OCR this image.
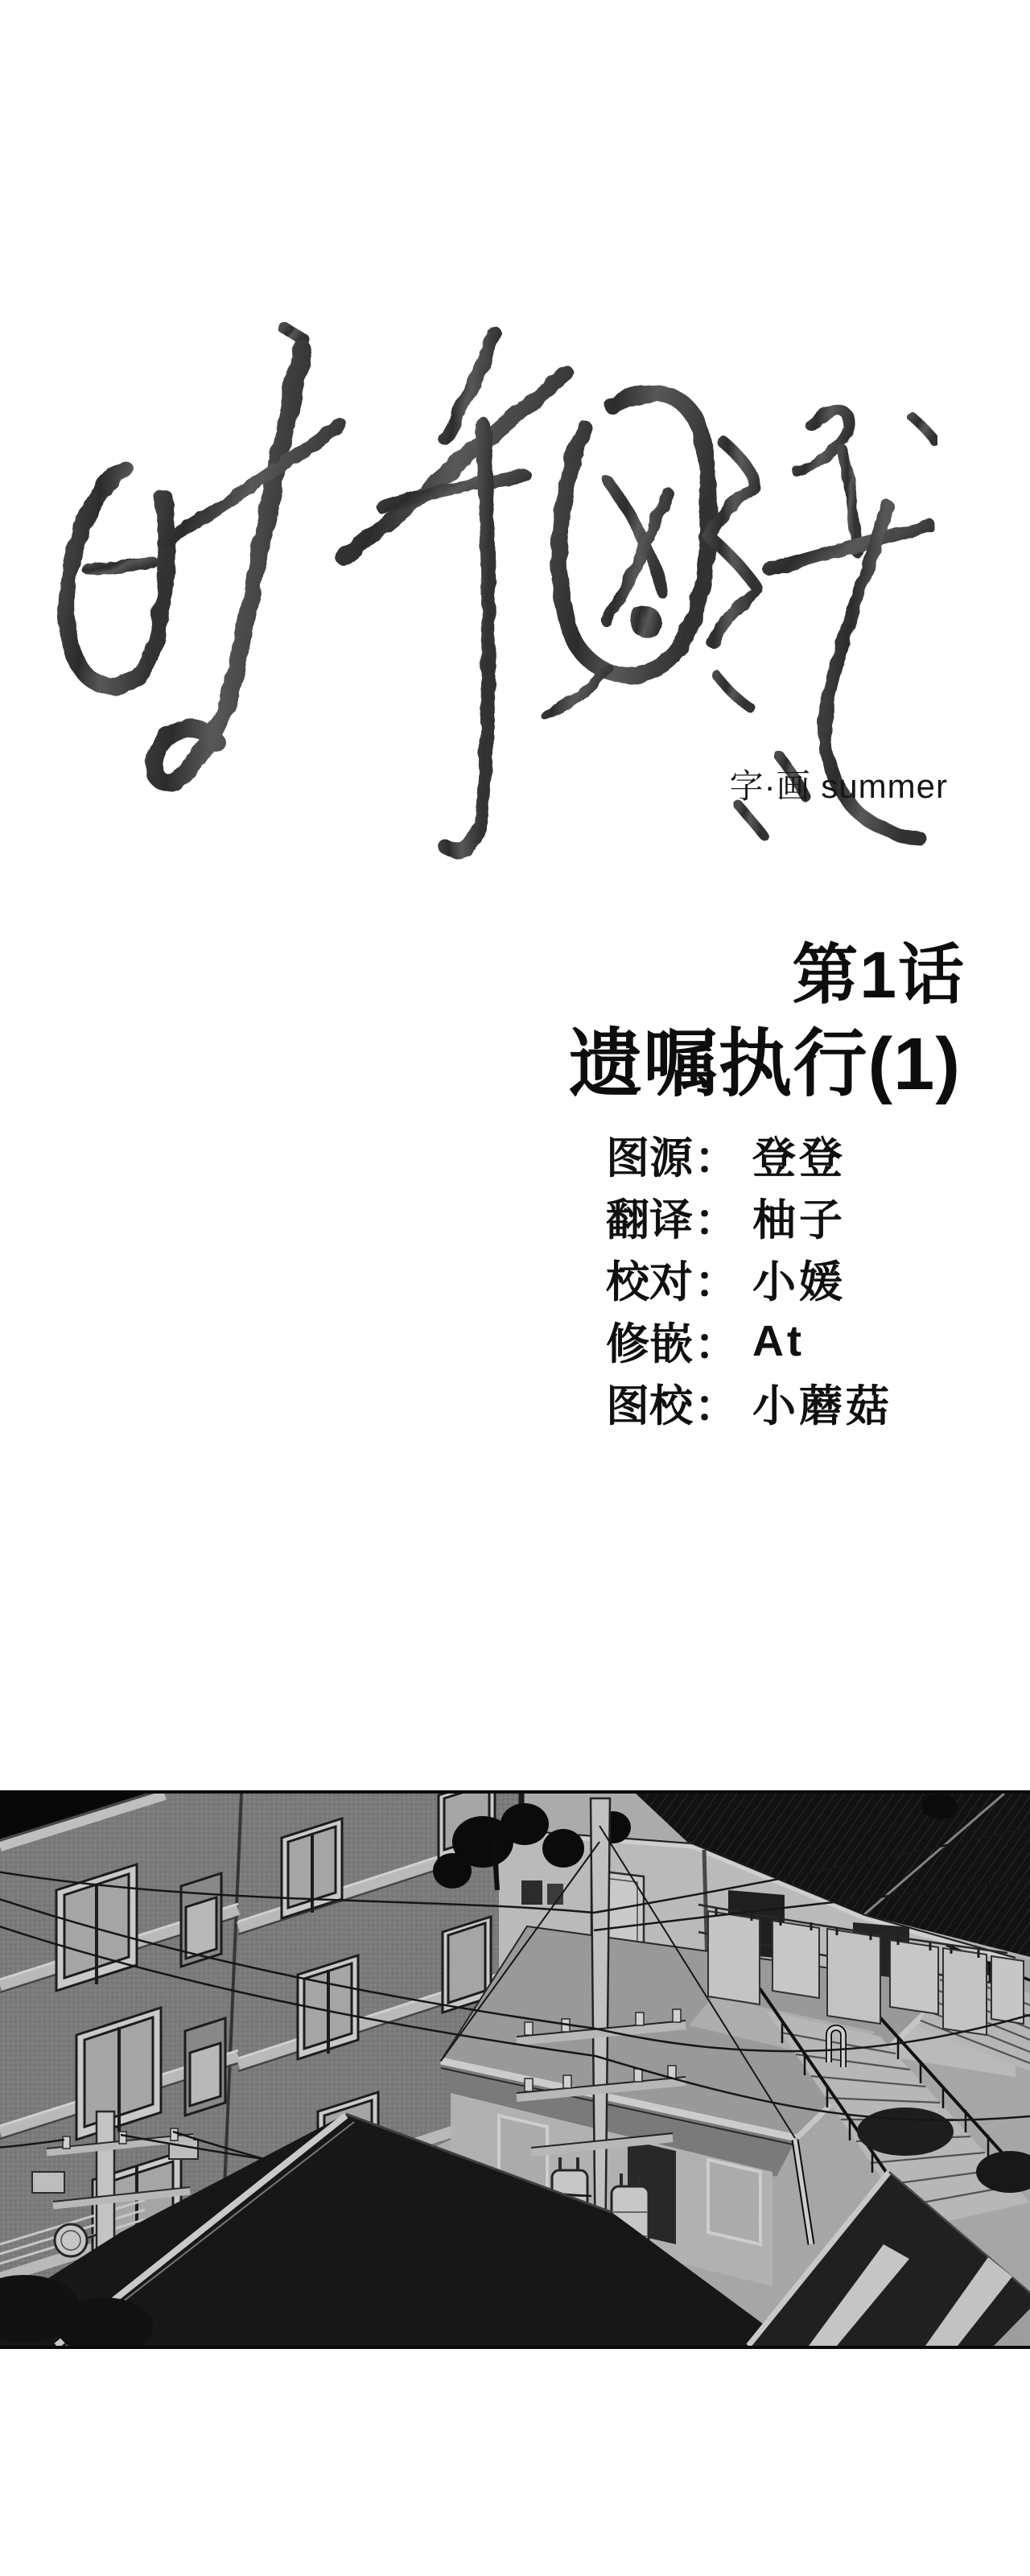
字·画 summer
第1话
遗嘱执行(1)
图源 ： 登登
翻译 ： 柚子
校对 ： 小媛
修嵌 ： At
图校 ： 小蘑菇
